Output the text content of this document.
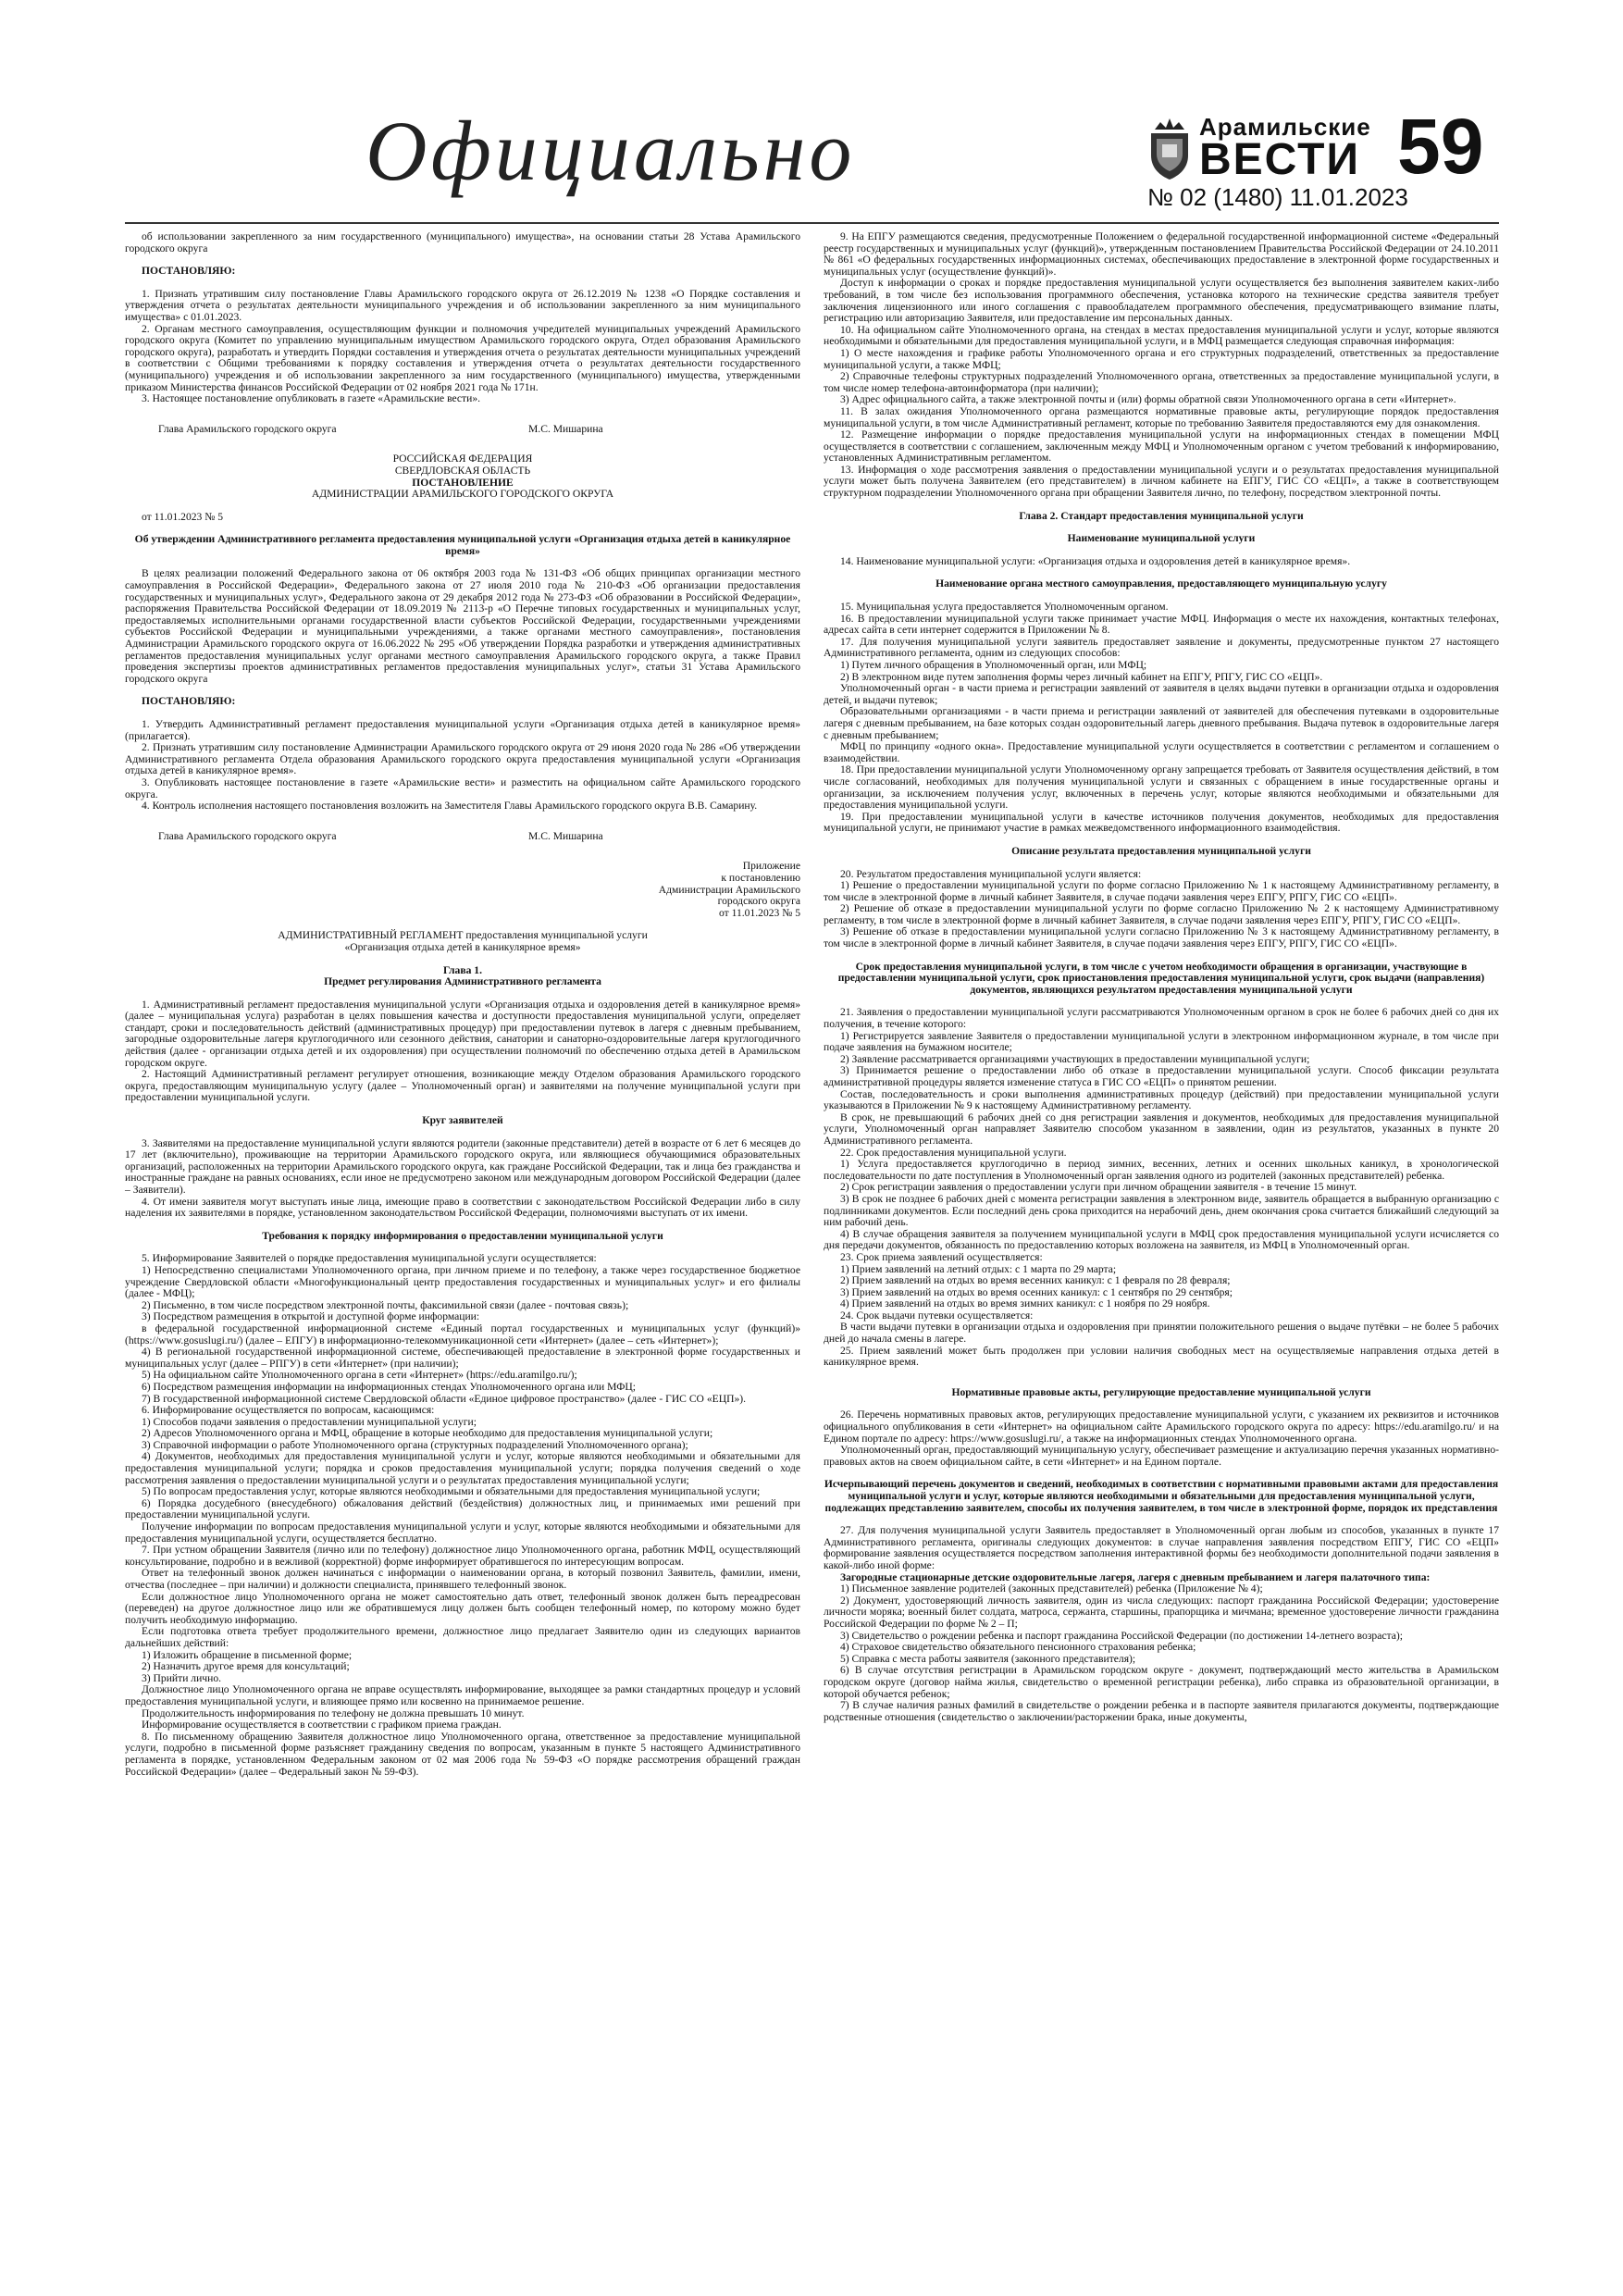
Официально	Арамильские
ВЕСТИ
№ 02 (1480) 11.01.2023
59

об использовании закрепленного за ним государственного (муниципального) имущества», на основании статьи 28 Устава Арамильского городского округа

ПОСТАНОВЛЯЮ:

1. Признать утратившим силу постановление Главы Арамильского городского округа от 26.12.2019 № 1238 «О Порядке составления и утверждения отчета о результатах деятельности муниципального учреждения и об использовании закрепленного за ним муниципального имущества» с 01.01.2023.

2. Органам местного самоуправления, осуществляющим функции и полномочия учредителей муниципальных учреждений Арамильского городского округа (Комитет по управлению муниципальным имуществом Арамильского городского округа, Отдел образования Арамильского городского округа), разработать и утвердить Порядки составления и утверждения отчета о результатах деятельности муниципальных учреждений в соответствии с Общими требованиями к порядку составления и утверждения отчета о результатах деятельности государственного (муниципального) учреждения и об использовании закрепленного за ним государственного (муниципального) имущества, утвержденными приказом Министерства финансов Российской Федерации от 02 ноября 2021 года № 171н.

3. Настоящее постановление опубликовать в газете «Арамильские вести».

Глава Арамильского городского округа	М.С. Мишарина

РОССИЙСКАЯ ФЕДЕРАЦИЯ

СВЕРДЛОВСКАЯ ОБЛАСТЬ

ПОСТАНОВЛЕНИЕ

АДМИНИСТРАЦИИ АРАМИЛЬСКОГО ГОРОДСКОГО ОКРУГА

от 11.01.2023 № 5

Об утверждении Административного регламента предоставления муниципальной услуги «Организация отдыха детей в каникулярное время»

В целях реализации положений Федерального закона от 06 октября 2003 года № 131-ФЗ «Об общих принципах организации местного самоуправления в Российской Федерации», Федерального закона от 27 июля 2010 года № 210-ФЗ «Об организации предоставления государственных и муниципальных услуг», Федерального закона от 29 декабря 2012 года № 273-ФЗ «Об образовании в Российской Федерации», распоряжения Правительства Российской Федерации от 18.09.2019 № 2113-р «О Перечне типовых государственных и муниципальных услуг, предоставляемых исполнительными органами государственной власти субъектов Российской Федерации, государственными учреждениями субъектов Российской Федерации и муниципальными учреждениями, а также органами местного самоуправления», постановления Администрации Арамильского городского округа от 16.06.2022 № 295 «Об утверждении Порядка разработки и утверждения административных регламентов предоставления муниципальных услуг органами местного самоуправления Арамильского городского округа, а также Правил проведения экспертизы проектов административных регламентов предоставления муниципальных услуг», статьи 31 Устава Арамильского городского округа

ПОСТАНОВЛЯЮ:

1. Утвердить Административный регламент предоставления муниципальной услуги «Организация отдыха детей в каникулярное время» (прилагается).

2. Признать утратившим силу постановление Администрации Арамильского городского округа от 29 июня 2020 года № 286 «Об утверждении Административного регламента Отдела образования Арамильского городского округа предоставления муниципальной услуги «Организация отдыха детей в каникулярное время».

3. Опубликовать настоящее постановление в газете «Арамильские вести» и разместить на официальном сайте Арамильского городского округа.

4. Контроль исполнения настоящего постановления возложить на Заместителя Главы Арамильского городского округа В.В. Самарину.

Глава Арамильского городского округа	М.С. Мишарина

Приложение

к постановлению

Администрации Арамильского

городского округа

от 11.01.2023 № 5

АДМИНИСТРАТИВНЫЙ РЕГЛАМЕНТ предоставления муниципальной услуги

«Организация отдыха детей в каникулярное время»

Глава 1.

Предмет регулирования Административного регламента

1. Административный регламент предоставления муниципальной услуги «Организация отдыха и оздоровления детей в каникулярное время» (далее – муниципальная услуга) разработан в целях повышения качества и доступности предоставления муниципальной услуги, определяет стандарт, сроки и последовательность действий (административных процедур) при предоставлении путевок в лагеря с дневным пребыванием, загородные оздоровительные лагеря круглогодичного или сезонного действия, санатории и санаторно-оздоровительные лагеря круглогодичного действия (далее - организации отдыха детей и их оздоровления) при осуществлении полномочий по обеспечению отдыха детей в Арамильском городском округе.

2. Настоящий Административный регламент регулирует отношения, возникающие между Отделом образования Арамильского городского округа, предоставляющим муниципальную услугу (далее – Уполномоченный орган) и заявителями на получение муниципальной услуги при предоставлении муниципальной услуги.

Круг заявителей

3. Заявителями на предоставление муниципальной услуги являются родители (законные представители) детей в возрасте от 6 лет 6 месяцев до 17 лет (включительно), проживающие на территории Арамильского городского округа, или являющиеся обучающимися образовательных организаций, расположенных на территории Арамильского городского округа, как граждане Российской Федерации, так и лица без гражданства и иностранные граждане на равных основаниях, если иное не предусмотрено законом или международным договором Российской Федерации (далее – Заявители).

4. От имени заявителя могут выступать иные лица, имеющие право в соответствии с законодательством Российской Федерации либо в силу наделения их заявителями в порядке, установленном законодательством Российской Федерации, полномочиями выступать от их имени.

Требования к порядку информирования о предоставлении муниципальной услуги

5. Информирование Заявителей о порядке предоставления муниципальной услуги осуществляется:

1) Непосредственно специалистами Уполномоченного органа, при личном приеме и по телефону, а также через государственное бюджетное учреждение Свердловской области «Многофункциональный центр предоставления государственных и муниципальных услуг» и его филиалы (далее - МФЦ);

2) Письменно, в том числе посредством электронной почты, факсимильной связи (далее - почтовая связь);

3) Посредством размещения в открытой и доступной форме информации:

в федеральной государственной информационной системе «Единый портал государственных и муниципальных услуг (функций)» (https://www.gosuslugi.ru/) (далее – ЕПГУ) в информационно-телекоммуникационной сети «Интернет» (далее – сеть «Интернет»);

4) В региональной государственной информационной системе, обеспечивающей предоставление в электронной форме государственных и муниципальных услуг (далее – РПГУ) в сети «Интернет» (при наличии);

5) На официальном сайте Уполномоченного органа в сети «Интернет» (https://edu.aramilgo.ru/);

6) Посредством размещения информации на информационных стендах Уполномоченного органа или МФЦ;

7) В государственной информационной системе Свердловской области «Единое цифровое пространство» (далее - ГИС СО «ЕЦП»).

6. Информирование осуществляется по вопросам, касающимся:

1) Способов подачи заявления о предоставлении муниципальной услуги;

2) Адресов Уполномоченного органа и МФЦ, обращение в которые необходимо для предоставления муниципальной услуги;

3) Справочной информации о работе Уполномоченного органа (структурных подразделений Уполномоченного органа);

4) Документов, необходимых для предоставления муниципальной услуги и услуг, которые являются необходимыми и обязательными для предоставления муниципальной услуги; порядка и сроков предоставления муниципальной услуги; порядка получения сведений о ходе рассмотрения заявления о предоставлении муниципальной услуги и о результатах предоставления муниципальной услуги;

5) По вопросам предоставления услуг, которые являются необходимыми и обязательными для предоставления муниципальной услуги;

6) Порядка досудебного (внесудебного) обжалования действий (бездействия) должностных лиц, и принимаемых ими решений при предоставлении муниципальной услуги.

Получение информации по вопросам предоставления муниципальной услуги и услуг, которые являются необходимыми и обязательными для предоставления муниципальной услуги, осуществляется бесплатно.

7. При устном обращении Заявителя (лично или по телефону) должностное лицо Уполномоченного органа, работник МФЦ, осуществляющий консультирование, подробно и в вежливой (корректной) форме информирует обратившегося по интересующим вопросам.

Ответ на телефонный звонок должен начинаться с информации о наименовании органа, в который позвонил Заявитель, фамилии, имени, отчества (последнее – при наличии) и должности специалиста, принявшего телефонный звонок.

Если должностное лицо Уполномоченного органа не может самостоятельно дать ответ, телефонный звонок должен быть переадресован (переведен) на другое должностное лицо или же обратившемуся лицу должен быть сообщен телефонный номер, по которому можно будет получить необходимую информацию.

Если подготовка ответа требует продолжительного времени, должностное лицо предлагает Заявителю один из следующих вариантов дальнейших действий:

1) Изложить обращение в письменной форме;

2) Назначить другое время для консультаций;

3) Прийти лично.

Должностное лицо Уполномоченного органа не вправе осуществлять информирование, выходящее за рамки стандартных процедур и условий предоставления муниципальной услуги, и влияющее прямо или косвенно на принимаемое решение.

Продолжительность информирования по телефону не должна превышать 10 минут.

Информирование осуществляется в соответствии с графиком приема граждан.

8. По письменному обращению Заявителя должностное лицо Уполномоченного органа, ответственное за предоставление муниципальной услуги, подробно в письменной форме разъясняет гражданину сведения по вопросам, указанным в пункте 5 настоящего Административного регламента в порядке, установленном Федеральным законом от 02 мая 2006 года № 59-ФЗ «О порядке рассмотрения обращений граждан Российской Федерации» (далее – Федеральный закон № 59-ФЗ).

9. На ЕПГУ размещаются сведения, предусмотренные Положением о федеральной государственной информационной системе «Федеральный реестр государственных и муниципальных услуг (функций)», утвержденным постановлением Правительства Российской Федерации от 24.10.2011 № 861 «О федеральных государственных информационных системах, обеспечивающих предоставление в электронной форме государственных и муниципальных услуг (осуществление функций)».

Доступ к информации о сроках и порядке предоставления муниципальной услуги осуществляется без выполнения заявителем каких-либо требований, в том числе без использования программного обеспечения, установка которого на технические средства заявителя требует заключения лицензионного или иного соглашения с правообладателем программного обеспечения, предусматривающего взимание платы, регистрацию или авторизацию Заявителя, или предоставление им персональных данных.

10. На официальном сайте Уполномоченного органа, на стендах в местах предоставления муниципальной услуги и услуг, которые являются необходимыми и обязательными для предоставления муниципальной услуги, и в МФЦ размещается следующая справочная информация:

1) О месте нахождения и графике работы Уполномоченного органа и его структурных подразделений, ответственных за предоставление муниципальной услуги, а также МФЦ;

2) Справочные телефоны структурных подразделений Уполномоченного органа, ответственных за предоставление муниципальной услуги, в том числе номер телефона-автоинформатора (при наличии);

3) Адрес официального сайта, а также электронной почты и (или) формы обратной связи Уполномоченного органа в сети «Интернет».

11. В залах ожидания Уполномоченного органа размещаются нормативные правовые акты, регулирующие порядок предоставления муниципальной услуги, в том числе Административный регламент, которые по требованию Заявителя предоставляются ему для ознакомления.

12. Размещение информации о порядке предоставления муниципальной услуги на информационных стендах в помещении МФЦ осуществляется в соответствии с соглашением, заключенным между МФЦ и Уполномоченным органом с учетом требований к информированию, установленных Административным регламентом.

13. Информация о ходе рассмотрения заявления о предоставлении муниципальной услуги и о результатах предоставления муниципальной услуги может быть получена Заявителем (его представителем) в личном кабинете на ЕПГУ, ГИС СО «ЕЦП», а также в соответствующем структурном подразделении Уполномоченного органа при обращении Заявителя лично, по телефону, посредством электронной почты.

Глава 2. Стандарт предоставления муниципальной услуги

Наименование муниципальной услуги

14. Наименование муниципальной услуги: «Организация отдыха и оздоровления детей в каникулярное время».

Наименование органа местного самоуправления, предоставляющего муниципальную услугу

15. Муниципальная услуга предоставляется Уполномоченным органом.

16. В предоставлении муниципальной услуги также принимает участие МФЦ. Информация о месте их нахождения, контактных телефонах, адресах сайта в сети интернет содержится в Приложении № 8.

17. Для получения муниципальной услуги заявитель предоставляет заявление и документы, предусмотренные пунктом 27 настоящего Административного регламента, одним из следующих способов:

1) Путем личного обращения в Уполномоченный орган, или МФЦ;

2) В электронном виде путем заполнения формы через личный кабинет на ЕПГУ, РПГУ, ГИС СО «ЕЦП».

Уполномоченный орган - в части приема и регистрации заявлений от заявителя в целях выдачи путевки в организации отдыха и оздоровления детей, и выдачи путевок;

Образовательными организациями - в части приема и регистрации заявлений от заявителей для обеспечения путевками в оздоровительные лагеря с дневным пребыванием, на базе которых создан оздоровительный лагерь дневного пребывания. Выдача путевок в оздоровительные лагеря с дневным пребыванием;

МФЦ по принципу «одного окна». Предоставление муниципальной услуги осуществляется в соответствии с регламентом и соглашением о взаимодействии.

18. При предоставлении муниципальной услуги Уполномоченному органу запрещается требовать от Заявителя осуществления действий, в том числе согласований, необходимых для получения муниципальной услуги и связанных с обращением в иные государственные органы и организации, за исключением получения услуг, включенных в перечень услуг, которые являются необходимыми и обязательными для предоставления муниципальной услуги.

19. При предоставлении муниципальной услуги в качестве источников получения документов, необходимых для предоставления муниципальной услуги, не принимают участие в рамках межведомственного информационного взаимодействия.

Описание результата предоставления муниципальной услуги

20. Результатом предоставления муниципальной услуги является:

1) Решение о предоставлении муниципальной услуги по форме согласно Приложению № 1 к настоящему Административному регламенту, в том числе в электронной форме в личный кабинет Заявителя, в случае подачи заявления через ЕПГУ, РПГУ, ГИС СО «ЕЦП».

2) Решение об отказе в предоставлении муниципальной услуги по форме согласно Приложению № 2 к настоящему Административному регламенту, в том числе в электронной форме в личный кабинет Заявителя, в случае подачи заявления через ЕПГУ, РПГУ, ГИС СО «ЕЦП».

3) Решение об отказе в предоставлении муниципальной услуги согласно Приложению № 3 к настоящему Административному регламенту, в том числе в электронной форме в личный кабинет Заявителя, в случае подачи заявления через ЕПГУ, РПГУ, ГИС СО «ЕЦП».

Срок предоставления муниципальной услуги, в том числе с учетом необходимости обращения в организации, участвующие в предоставлении муниципальной услуги, срок приостановления предоставления муниципальной услуги, срок выдачи (направления) документов, являющихся результатом предоставления муниципальной услуги

21. Заявления о предоставлении муниципальной услуги рассматриваются Уполномоченным органом в срок не более 6 рабочих дней со дня их получения, в течение которого:

1) Регистрируется заявление Заявителя о предоставлении муниципальной услуги в электронном информационном журнале, в том числе при подаче заявления на бумажном носителе;

2) Заявление рассматривается организациями участвующих в предоставлении муниципальной услуги;

3) Принимается решение о предоставлении либо об отказе в предоставлении муниципальной услуги. Способ фиксации результата административной процедуры является изменение статуса в ГИС СО «ЕЦП» о принятом решении.

Состав, последовательность и сроки выполнения административных процедур (действий) при предоставлении муниципальной услуги указываются в Приложении № 9 к настоящему Административному регламенту.

В срок, не превышающий 6 рабочих дней со дня регистрации заявления и документов, необходимых для предоставления муниципальной услуги, Уполномоченный орган направляет Заявителю способом указанном в заявлении, один из результатов, указанных в пункте 20 Административного регламента.

22. Срок предоставления муниципальной услуги.

1) Услуга предоставляется круглогодично в период зимних, весенних, летних и осенних школьных каникул, в хронологической последовательности по дате поступления в Уполномоченный орган заявления одного из родителей (законных представителей) ребенка.

2) Срок регистрации заявления о предоставлении услуги при личном обращении заявителя - в течение 15 минут.

3) В срок не позднее 6 рабочих дней с момента регистрации заявления в электронном виде, заявитель обращается в выбранную организацию с подлинниками документов. Если последний день срока приходится на нерабочий день, днем окончания срока считается ближайший следующий за ним рабочий день.

4) В случае обращения заявителя за получением муниципальной услуги в МФЦ срок предоставления муниципальной услуги исчисляется со дня передачи документов, обязанность по предоставлению которых возложена на заявителя, из МФЦ в Уполномоченный орган.

23. Срок приема заявлений осуществляется:

1) Прием заявлений на летний отдых: с 1 марта по 29 марта;

2) Прием заявлений на отдых во время весенних каникул: с 1 февраля по 28 февраля;

3) Прием заявлений на отдых во время осенних каникул: с 1 сентября по 29 сентября;

4) Прием заявлений на отдых во время зимних каникул: с 1 ноября по 29 ноября.

24. Срок выдачи путевки осуществляется:

В части выдачи путевки в организации отдыха и оздоровления при принятии положительного решения о выдаче путёвки – не более 5 рабочих дней до начала смены в лагере.

25. Прием заявлений может быть продолжен при условии наличия свободных мест на осуществляемые направления отдыха детей в каникулярное время.

Нормативные правовые акты, регулирующие предоставление муниципальной услуги

26. Перечень нормативных правовых актов, регулирующих предоставление муниципальной услуги, с указанием их реквизитов и источников официального опубликования в сети «Интернет» на официальном сайте Арамильского городского округа по адресу: https://edu.aramilgo.ru/ и на Едином портале по адресу: https://www.gosuslugi.ru/, а также на информационных стендах Уполномоченного органа.

Уполномоченный орган, предоставляющий муниципальную услугу, обеспечивает размещение и актуализацию перечня указанных нормативно-правовых актов на своем официальном сайте, в сети «Интернет» и на Едином портале.

Исчерпывающий перечень документов и сведений, необходимых в соответствии с нормативными правовыми актами для предоставления муниципальной услуги и услуг, которые являются необходимыми и обязательными для предоставления муниципальной услуги, подлежащих представлению заявителем, способы их получения заявителем, в том числе в электронной форме, порядок их представления

27. Для получения муниципальной услуги Заявитель предоставляет в Уполномоченный орган любым из способов, указанных в пункте 17 Административного регламента, оригиналы следующих документов: в случае направления заявления посредством ЕПГУ, ГИС СО «ЕЦП» формирование заявления осуществляется посредством заполнения интерактивной формы без необходимости дополнительной подачи заявления в какой-либо иной форме:

Загородные стационарные детские оздоровительные лагеря, лагеря с дневным пребыванием и лагеря палаточного типа:

1) Письменное заявление родителей (законных представителей) ребенка (Приложение № 4);

2) Документ, удостоверяющий личность заявителя, один из числа следующих: паспорт гражданина Российской Федерации; удостоверение личности моряка; военный билет солдата, матроса, сержанта, старшины, прапорщика и мичмана; временное удостоверение личности гражданина Российской Федерации по форме № 2 – П;

3) Свидетельство о рождении ребенка и паспорт гражданина Российской Федерации (по достижении 14-летнего возраста);

4) Страховое свидетельство обязательного пенсионного страхования ребенка;

5) Справка с места работы заявителя (законного представителя);

6) В случае отсутствия регистрации в Арамильском городском округе - документ, подтверждающий место жительства в Арамильском городском округе (договор найма жилья, свидетельство о временной регистрации ребенка), либо справка из образовательной организации, в которой обучается ребенок;

7) В случае наличия разных фамилий в свидетельстве о рождении ребенка и в паспорте заявителя прилагаются документы, подтверждающие родственные отношения (свидетельство о заключении/расторжении брака, иные документы,
